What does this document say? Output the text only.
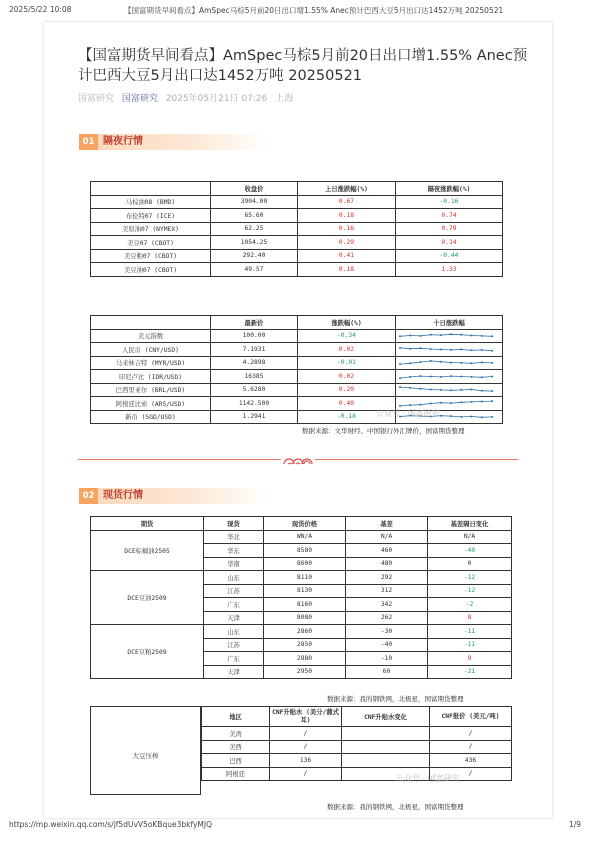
2025/5/22 10:08	【国富期货早间看点】AmSpec马棕5月前20日出口增1.55% Anec预计巴西大豆5月出口达1452万吨 20250521
【国富期货早间看点】AmSpec马棕5月前20日出口增1.55% Anec预计巴西大豆5月出口达1452万吨 20250521
国富研究 国富研究 2025年05月21日 07:26 上海
01 隔夜行情
	收盘价	上日涨跌幅(%)	隔夜涨跌幅(%)
马棕油08 (BMD)	3904.00	0.67	-0.16
布伦特07 (ICE)	65.60	0.18	0.74
美原油07 (NYMEX)	62.25	0.16	0.79
美豆07 (CBOT)	1054.25	0.29	0.14
美豆粕07 (CBOT)	292.40	0.41	-0.44
美豆油07 (CBOT)	49.57	0.18	1.33
	最新价	涨跌幅(%)	十日涨跌幅
美元指数	100.00	-0.34	

人民币 (CNY/USD)	7.1931	0.02	

马来林吉特 (MYR/USD)	4.2898	-0.01	

印尼卢比 (IDR/USD)	16385	0.02	

巴西里亚尔 (BRL/USD)	5.6280	0.20	

阿根廷比索 (ARS/USD)	1142.500	0.40	

新币 (SGD/USD)	1.2941	-0.18	
数据来源：文华财经、中国银行外汇牌价，国富期货整理
公众号 · 国富研究
02 现货行情
期货	现货	现货价格	基差	基差隔日变化
DCE棕榈油2505	华北	WN/A	N/A	N/A
	华东	8580	460	-40
	华南	8600	480	0
DCE豆油2509	山东	8110	292	-12
	江苏	8130	312	-12
	广东	8160	342	-2
	天津	8080	262	8
DCE豆粕2509	山东	2860	-30	-11
	江苏	2850	-40	-11
	广东	2880	-10	9
	天津	2950	60	-21
数据来源：我的钢铁网，北极星，国富期货整理
地区	CNF升贴水 (美分/蒲式耳)	CNF升贴水变化	CNF报价 (美元/吨)
美湾	/		/
美西	/		/
巴西	136		436
阿根廷	/		/
大豆压榨
公众号 · 国富研究
数据来源：我的钢铁网，北极星，国富期货整理
https://mp.weixin.qq.com/s/jf5dUvV5oKBque3bkfyMJQ	1/9
